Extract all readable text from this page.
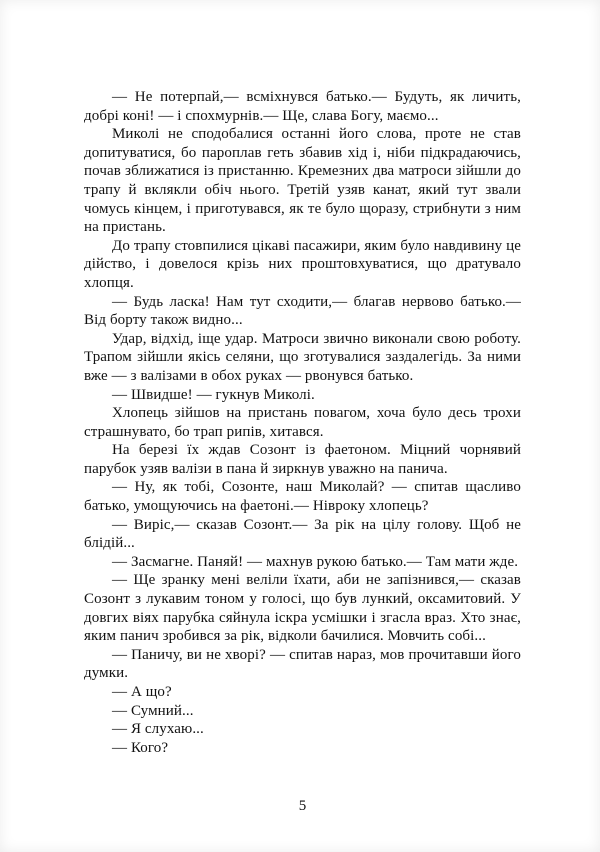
— Не потерпай,— всміхнувся батько.— Будуть, як личить, добрі коні! — і спохмурнів.— Ще, слава Богу, маємо...

Миколі не сподобалися останні його слова, проте не став допитуватися, бо пароплав геть збавив хід і, ніби підкрадаючись, почав зближатися із пристанню. Кремезних два матроси зійшли до трапу й вклякли обіч нього. Третій узяв канат, який тут звали чомусь кінцем, і приготувався, як те було щоразу, стрибнути з ним на пристань.

До трапу стовпилися цікаві пасажири, яким було навдивину це дійство, і довелося крізь них проштовхуватися, що дратувало хлопця.

— Будь ласка! Нам тут сходити,— благав нервово батько.— Від борту також видно...

Удар, відхід, іще удар. Матроси звично виконали свою роботу. Трапом зійшли якісь селяни, що зготувалися заздалегідь. За ними вже — з валізами в обох руках — рвонувся батько.

— Швидше! — гукнув Миколі.

Хлопець зійшов на пристань повагом, хоча було десь трохи страшнувато, бо трап рипів, хитався.

На березі їх ждав Созонт із фаетоном. Міцний чорнявий парубок узяв валізи в пана й зиркнув уважно на панича.

— Ну, як тобі, Созонте, наш Миколай? — спитав щасливо батько, умощуючись на фаетоні.— Нівроку хлопець?

— Виріс,— сказав Созонт.— За рік на цілу голову. Щоб не блідій...

— Засмагне. Паняй! — махнув рукою батько.— Там мати жде.

— Ще зранку мені веліли їхати, аби не запізнився,— сказав Созонт з лукавим тоном у голосі, що був лункий, оксамитовий. У довгих віях парубка сяйнула іскра усмішки і згасла враз. Хто знає, яким панич зробився за рік, відколи бачилися. Мовчить собі...

— Паничу, ви не хворі? — спитав нараз, мов прочитавши його думки.

— А що?

— Сумний...

— Я слухаю...

— Кого?

5
